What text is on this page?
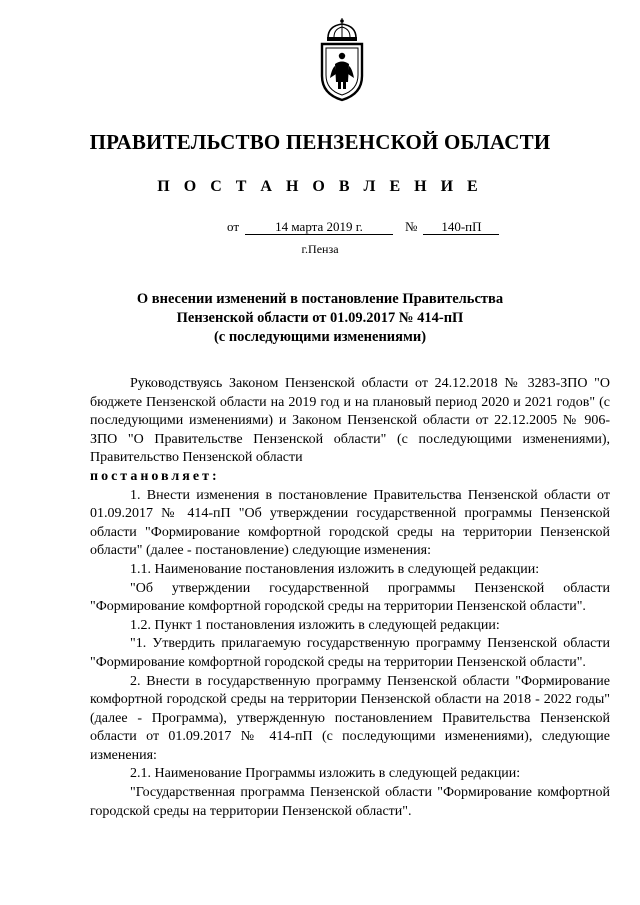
ПРАВИТЕЛЬСТВО ПЕНЗЕНСКОЙ ОБЛАСТИ
П О С Т А Н О В Л Е Н И Е
от	14 марта 2019 г.	№ 140-пП
г.Пенза
О внесении изменений в постановление Правительства
Пензенской области от 01.09.2017 № 414-пП
(с последующими изменениями)

Руководствуясь Законом Пензенской области от 24.12.2018 № 3283-ЗПО "О бюджете Пензенской области на 2019 год и на плановый период 2020 и 2021 годов" (с последующими изменениями) и Законом Пензенской области от 22.12.2005 № 906-ЗПО "О Правительстве Пензенской области" (с последующими изменениями), Правительство Пензенской области

постановляет:

1. Внести изменения в постановление Правительства Пензенской области от 01.09.2017 № 414-пП "Об утверждении государственной программы Пензенской области "Формирование комфортной городской среды на территории Пензенской области" (далее - постановление) следующие изменения:

1.1. Наименование постановления изложить в следующей редакции:

"Об утверждении государственной программы Пензенской области "Формирование комфортной городской среды на территории Пензенской области".

1.2. Пункт 1 постановления изложить в следующей редакции:

"1. Утвердить прилагаемую государственную программу Пензенской области "Формирование комфортной городской среды на территории Пензенской области".

2. Внести в государственную программу Пензенской области "Формирование комфортной городской среды на территории Пензенской области на 2018 - 2022 годы" (далее - Программа), утвержденную постановлением Правительства Пензенской области от 01.09.2017 № 414-пП (с последующими изменениями), следующие изменения:

2.1. Наименование Программы изложить в следующей редакции:

"Государственная программа Пензенской области "Формирование комфортной городской среды на территории Пензенской области".
